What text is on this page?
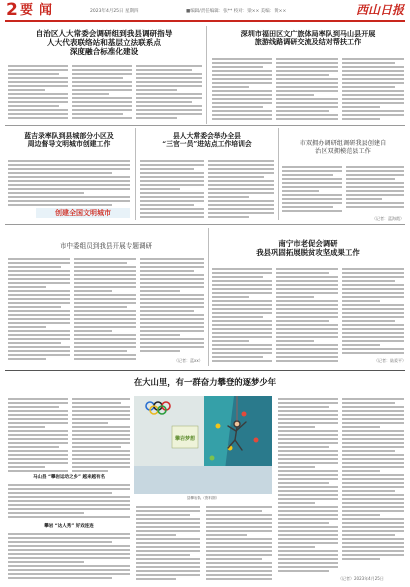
2 要闻	2023年4月25日 星期四	■编辑/责任编辑：张** 校对：梁×× 美编：黄××	西山日报
自治区人大常委会调研组到我县调研指导
人大代表联络站和基层立法联系点
深度融合标准化建设
深圳市福田区文广旅体局率队到马山县开展
旅游线路调研交流及结对帮扶工作
蓝吉录率队到县城部分小区及
周边督导文明城市创建工作
创建全国文明城市
县人大常委会举办全县
“三官一员”进站点工作培训会	市双拥办调研组调研我县创建自
治区双拥模范县工作
（记者：蓝海霞）
市中委组员到我县开展专题调研
（记者：蓝xx）
南宁市老促会调研
我县巩固拓展脱贫攻坚成果工作
（记者：陆爱平）
在大山里，有一群奋力攀登的逐梦少年
马山县 “攀岩运动之乡” 越来越有名
攀岩 “达人秀” 好戏连连
攀岩梦想
县攀岩队（资料图）
（记者）2023年4月25日
